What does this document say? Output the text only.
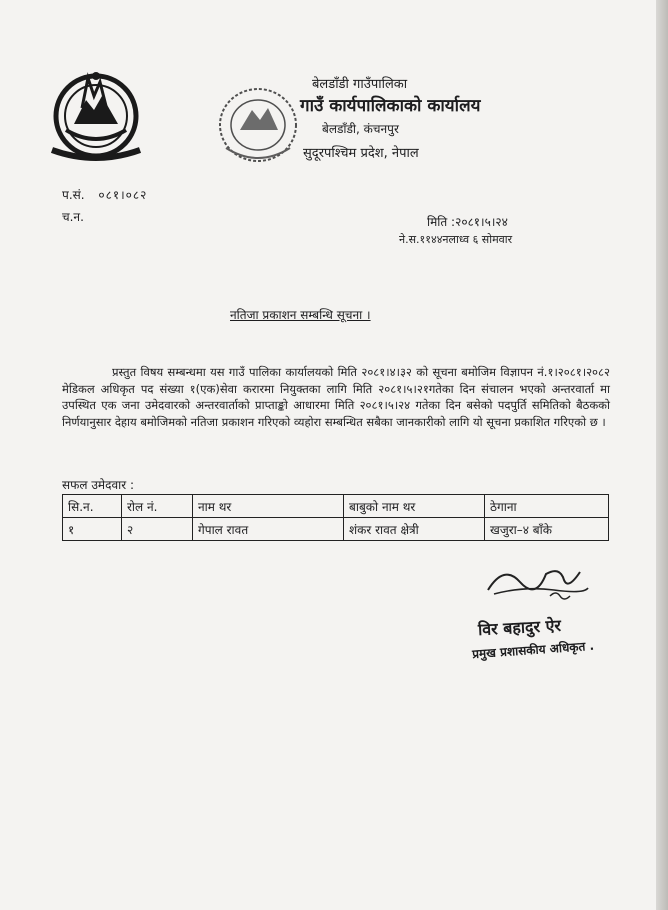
बेलडाँडी गाउँपालिका
गाउँ कार्यपालिकाको कार्यालय
बेलडाँडी, कंचनपुर
सुदूरपश्चिम प्रदेश, नेपाल
प.सं. ०८१।०८२
च.न.	मिति :२०८१।५।२४
ने.स.११४४नलाध्व ६ सोमवार
नतिजा प्रकाशन सम्बन्धि सूचना ।
प्रस्तुत विषय सम्बन्धमा यस गाउँ पालिका कार्यालयको मिति २०८१।४।३२ को सूचना बमोजिम विज्ञापन नं.१।२०८१।२०८२ मेडिकल अधिकृत पद संख्या १(एक)सेवा करारमा नियुक्तका लागि मिति २०८१।५।२१गतेका दिन संचालन भएको अन्तरवार्ता मा उपस्थित एक जना उमेदवारको अन्तरवार्ताको प्राप्ताङ्को आधारमा मिति २०८१।५।२४ गतेका दिन बसेको पदपुर्ति समितिको बैठकको निर्णयानुसार देहाय बमोजिमको नतिजा प्रकाशन गरिएको व्यहोरा सम्बन्धित सबैका जानकारीको लागि यो सूचना प्रकाशित गरिएको छ ।
सफल उमेदवार :
सि.न.	रोल नं.	नाम थर	बाबुको नाम थर	ठेगाना
१	२	गेपाल रावत	शंकर रावत क्षेत्री	खजुरा–४ बाँके
विर बहादुर ऐर
प्रमुख प्रशासकीय अधिकृत .
